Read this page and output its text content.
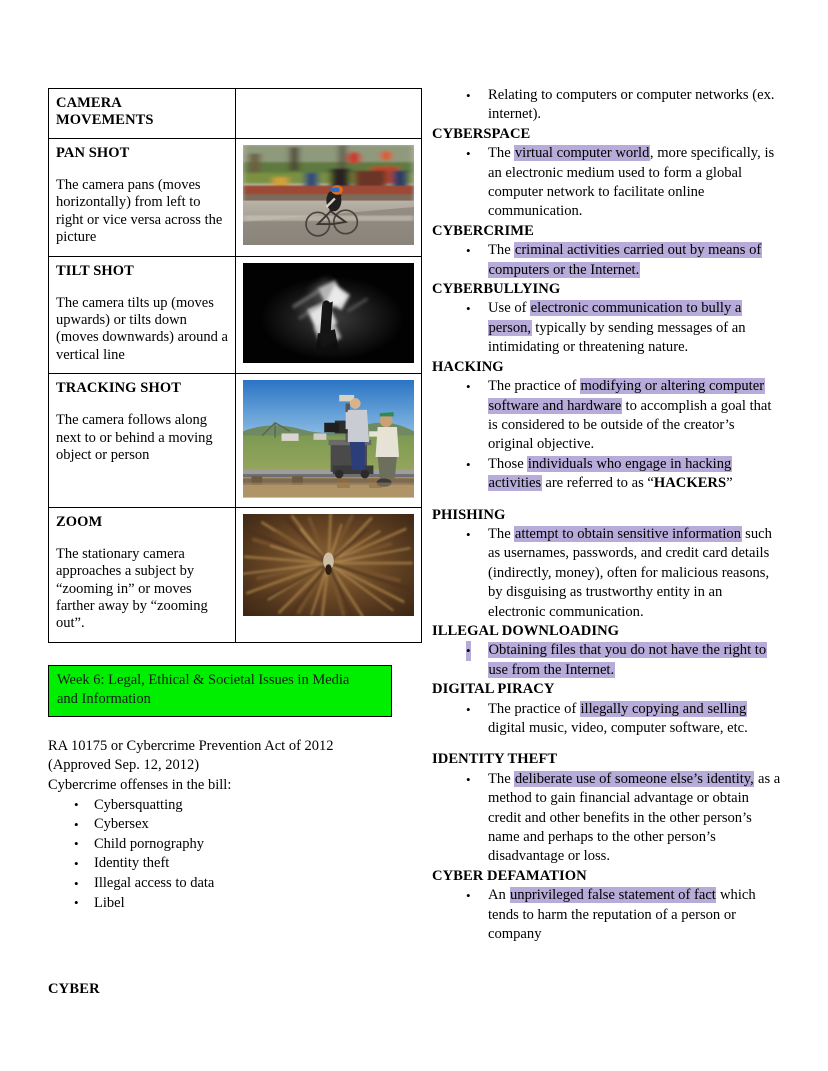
CAMERA
MOVEMENTS	

PAN SHOT
The camera pans (moves horizontally) from left to right or vice versa across the picture

TILT SHOT
The camera tilts up (moves upwards) or tilts down (moves downwards) around a vertical line

TRACKING SHOT
The camera follows along next to or behind a moving object or person

ZOOM
The stationary camera approaches a subject by “zooming in” or moves farther away by “zooming out”.

Week 6: Legal, Ethical & Societal Issues in Media
and Information
RA 10175 or Cybercrime Prevention Act of 2012
(Approved Sep. 12, 2012)
Cybercrime offenses in the bill:
• Cybersquatting
• Cybersex
• Child pornography
• Identity theft
• Illegal access to data
• Libel
CYBER
• Relating to computers or computer networks (ex. internet).
CYBERSPACE
• The virtual computer world, more specifically, is an electronic medium used to form a global computer network to facilitate online communication.
CYBERCRIME
• The criminal activities carried out by means of computers or the Internet.
CYBERBULLYING
• Use of electronic communication to bully a person, typically by sending messages of an intimidating or threatening nature.
HACKING
• The practice of modifying or altering computer software and hardware to accomplish a goal that is considered to be outside of the creator’s original objective.
• Those individuals who engage in hacking activities are referred to as “HACKERS”
PHISHING
• The attempt to obtain sensitive information such as usernames, passwords, and credit card details (indirectly, money), often for malicious reasons, by disguising as trustworthy entity in an electronic communication.
ILLEGAL DOWNLOADING
• Obtaining files that you do not have the right to use from the Internet.
DIGITAL PIRACY
• The practice of illegally copying and selling digital music, video, computer software, etc.
IDENTITY THEFT
• The deliberate use of someone else’s identity, as a method to gain financial advantage or obtain credit and other benefits in the other person’s name and perhaps to the other person’s disadvantage or loss.
CYBER DEFAMATION
• An unprivileged false statement of fact which tends to harm the reputation of a person or company
